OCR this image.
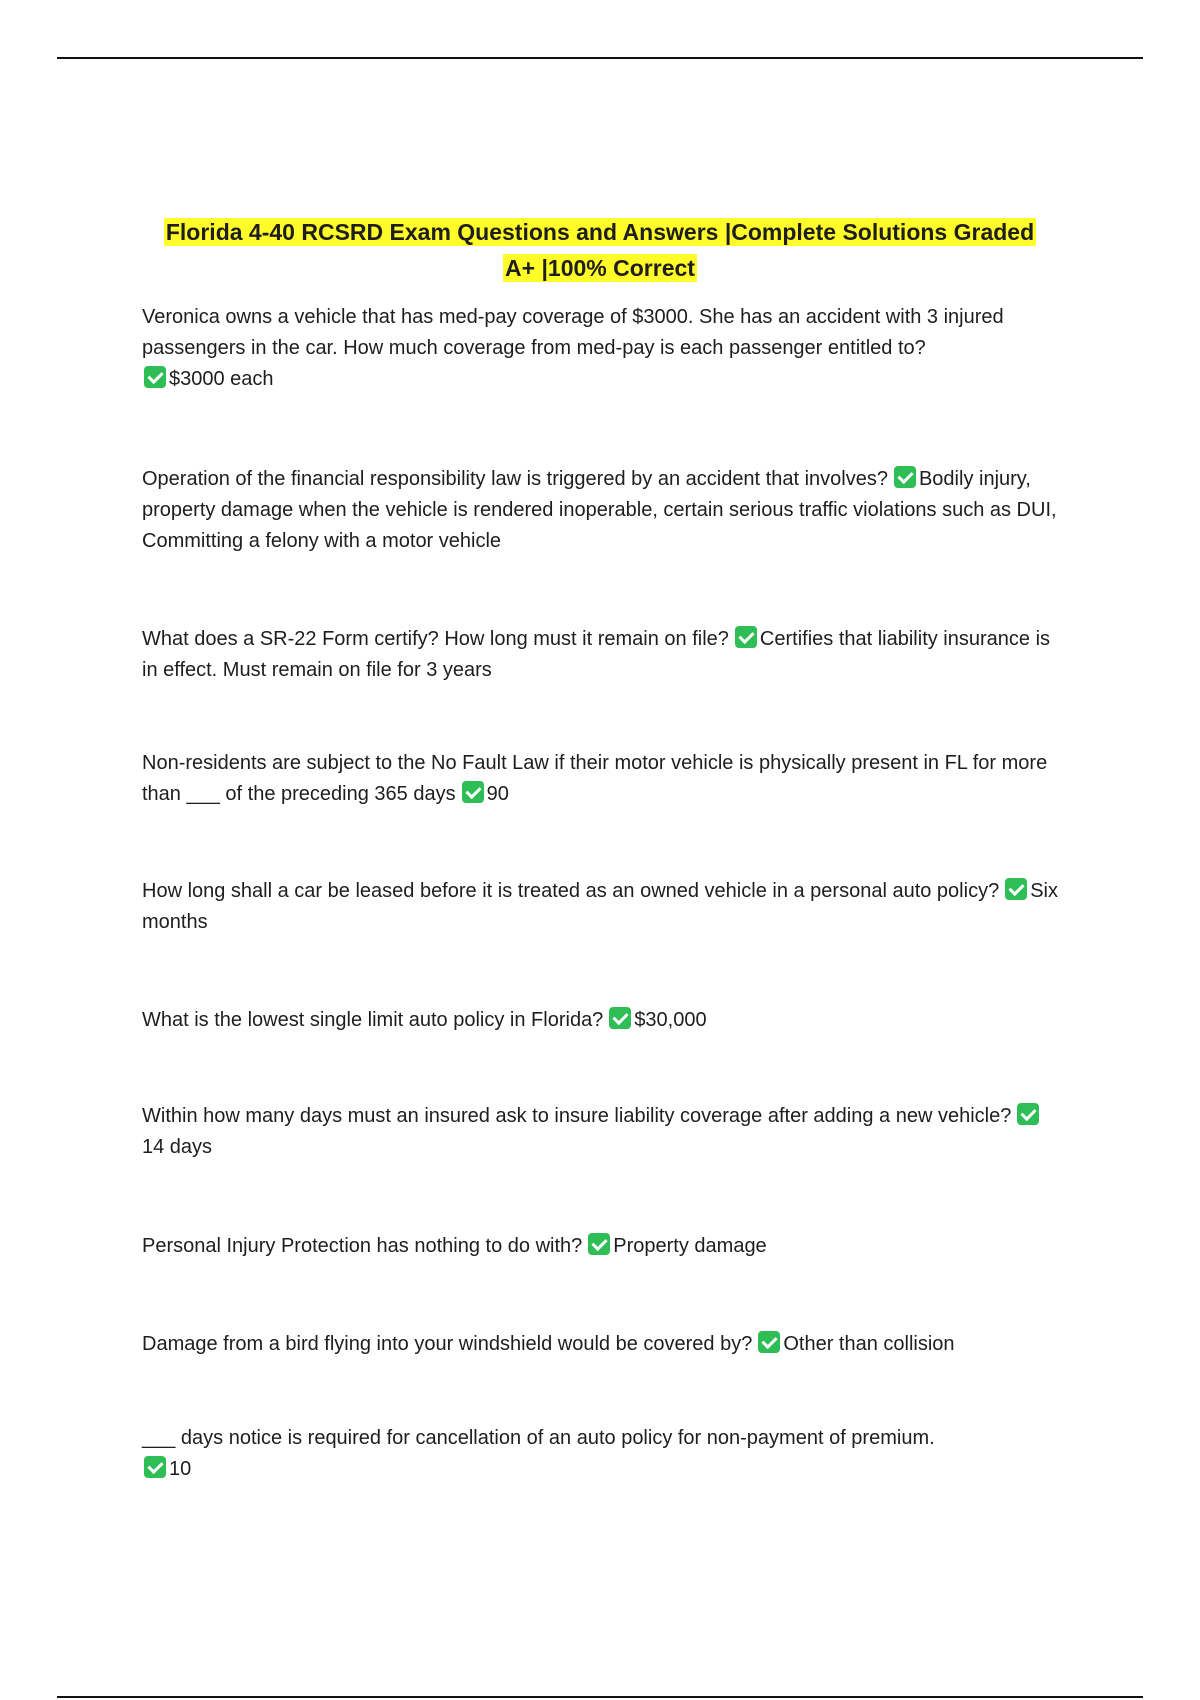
Florida 4-40 RCSRD Exam Questions and Answers |Complete Solutions Graded
A+ |100% Correct
Veronica owns a vehicle that has med-pay coverage of $3000. She has an accident with 3 injured passengers in the car. How much coverage from med-pay is each passenger entitled to?
$3000 each
Operation of the financial responsibility law is triggered by an accident that involves? Bodily injury, property damage when the vehicle is rendered inoperable, certain serious traffic violations such as DUI, Committing a felony with a motor vehicle
What does a SR-22 Form certify? How long must it remain on file? Certifies that liability insurance is in effect. Must remain on file for 3 years
Non-residents are subject to the No Fault Law if their motor vehicle is physically present in FL for more than ___ of the preceding 365 days 90
How long shall a car be leased before it is treated as an owned vehicle in a personal auto policy? Six months
What is the lowest single limit auto policy in Florida? $30,000
Within how many days must an insured ask to insure liability coverage after adding a new vehicle?14 days
Personal Injury Protection has nothing to do with? Property damage
Damage from a bird flying into your windshield would be covered by? Other than collision
___ days notice is required for cancellation of an auto policy for non-payment of premium.
10
